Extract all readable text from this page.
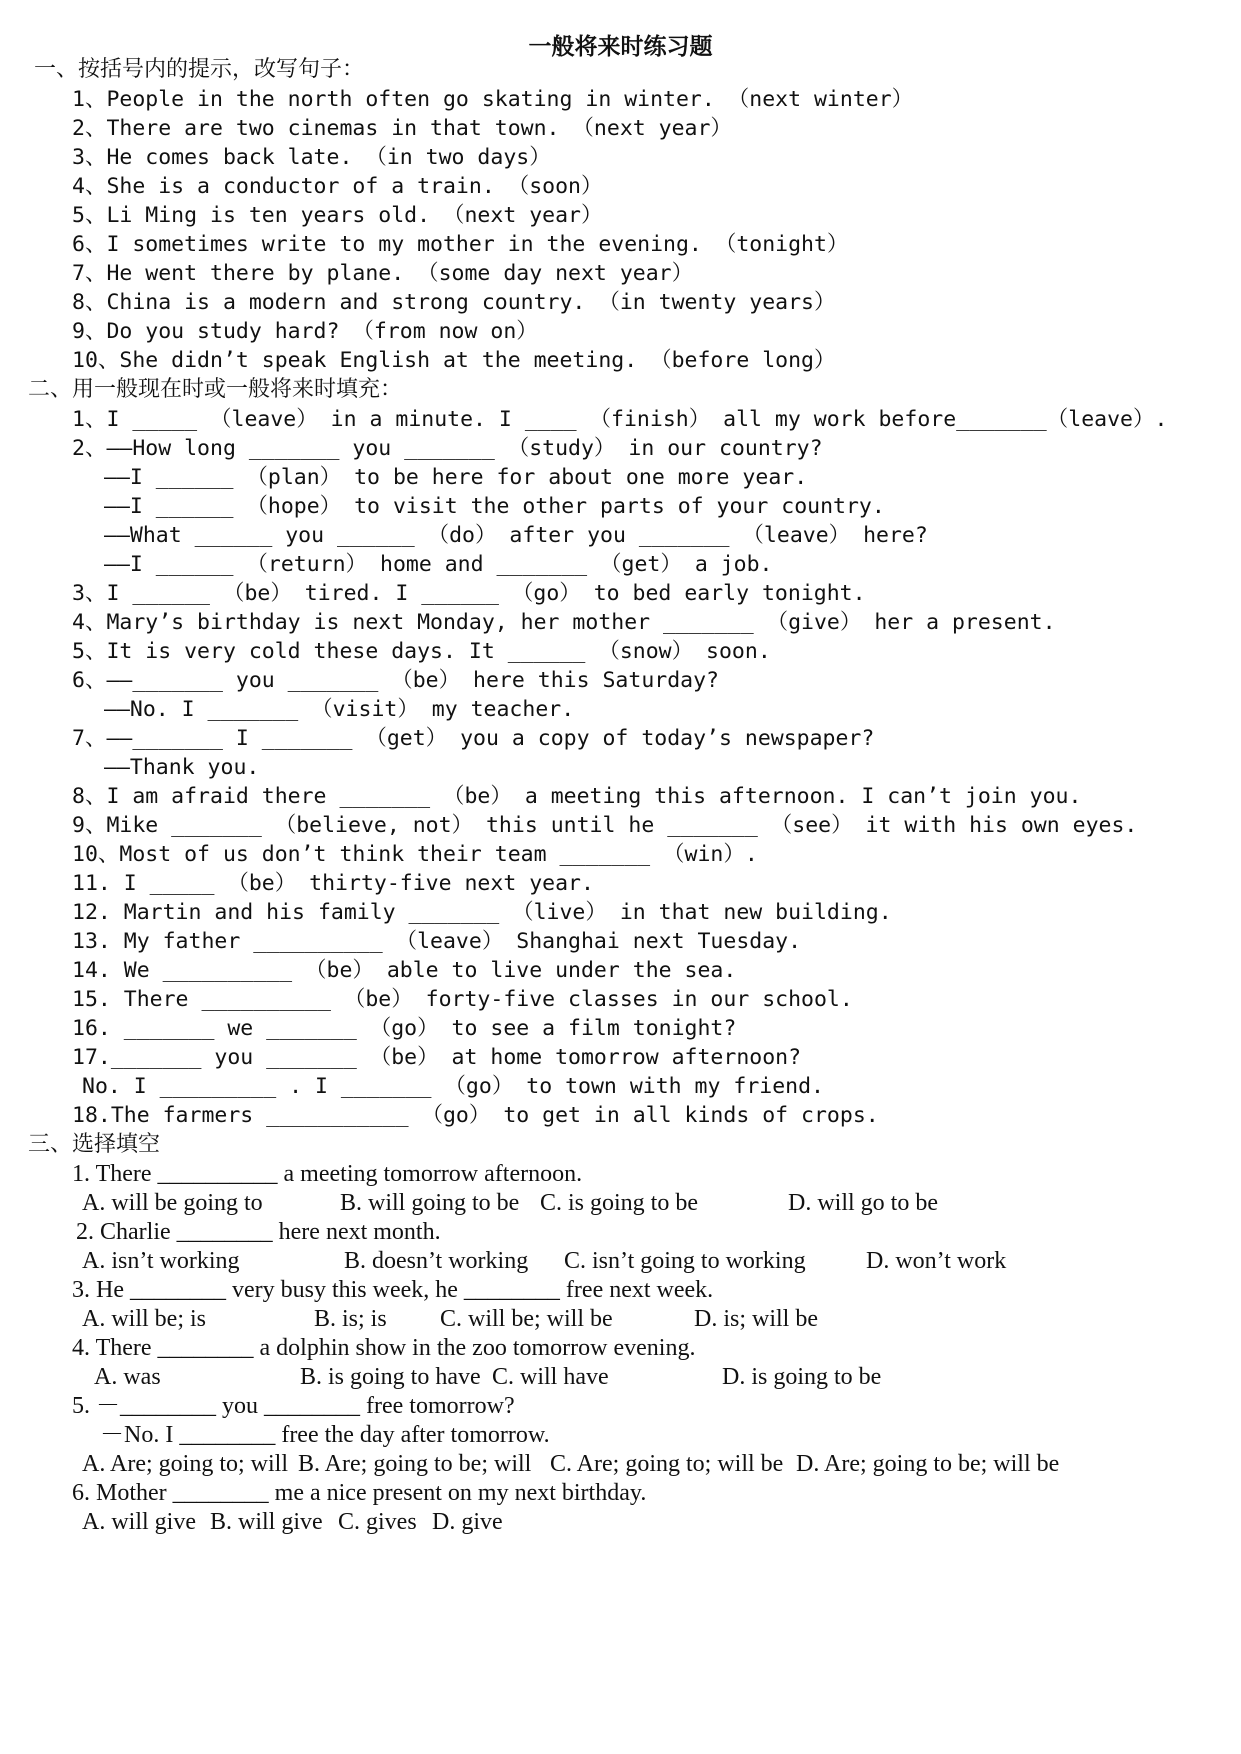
一般将来时练习题
一、按括号内的提示，改写句子：
1、People in the north often go skating in winter. （next winter）
2、There are two cinemas in that town. （next year）
3、He comes back late. （in two days）
4、She is a conductor of a train. （soon）
5、Li Ming is ten years old. （next year）
6、I sometimes write to my mother in the evening. （tonight）
7、He went there by plane. （some day next year）
8、China is a modern and strong country. （in twenty years）
9、Do you study hard? （from now on）
10、She didn’t speak English at the meeting. （before long）
二、用一般现在时或一般将来时填充：
1、I _____ （leave） in a minute. I ____ （finish） all my work before_______（leave）.
2、——How long _______ you _______ （study） in our country?
——I ______ （plan） to be here for about one more year.
——I ______ （hope） to visit the other parts of your country.
——What ______ you ______ （do） after you _______ （leave） here?
——I ______ （return） home and _______ （get） a job.
3、I ______ （be） tired. I ______ （go） to bed early tonight.
4、Mary’s birthday is next Monday, her mother _______ （give） her a present.
5、It is very cold these days. It ______ （snow） soon.
6、——_______ you _______ （be） here this Saturday?
——No. I _______ （visit） my teacher.
7、——_______ I _______ （get） you a copy of today’s newspaper?
——Thank you.
8、I am afraid there _______ （be） a meeting this afternoon. I can’t join you.
9、Mike _______ （believe, not） this until he _______ （see） it with his own eyes.
10、Most of us don’t think their team _______ （win）.
11. I _____ （be） thirty-five next year.
12. Martin and his family _______ （live） in that new building.
13. My father __________ （leave） Shanghai next Tuesday.
14. We __________ （be） able to live under the sea.
15. There __________ （be） forty-five classes in our school.
16. _______ we _______ （go） to see a film tonight?
17._______ you _______ （be） at home tomorrow afternoon?
No. I _________ . I _______ （go） to town with my friend.
18.The farmers ___________ （go） to get in all kinds of crops.
三、选择填空
1. There __________ a meeting tomorrow afternoon.

A. will be going to

	B. will going to be

C. is going to be

	D. will go to be

2. Charlie ________ here next month.

A. isn’t working

	B. doesn’t working

C. isn’t going to working

	D. won’t work

3. He ________ very busy this week, he ________ free next week.

A. will be; is

	B. is; is

C. will be; will be

	D. is; will be

4. There ________ a dolphin show in the zoo tomorrow evening.

A. was

	B. is going to have

C. will have

	D. is going to be

5. －________ you ________ free tomorrow?
－No. I ________ free the day after tomorrow.

A. Are; going to; will

B. Are; going to be; will

C. Are; going to; will be

D. Are; going to be; will be

6. Mother ________ me a nice present on my next birthday.

A. will give

B. will give

C. gives

D. give
